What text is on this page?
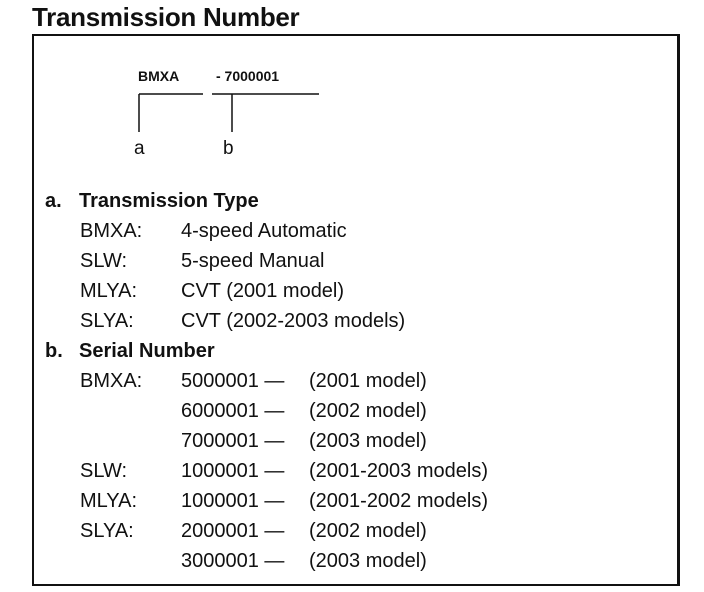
Transmission Number
BMXA	- 7000001
a	b
a. Transmission Type
BMXA: 4-speed Automatic
SLW:	5-speed Manual
MLYA: CVT (2001 model)
SLYA: CVT (2002-2003 models)
b. Serial Number
BMXA: 5000001 — (2001 model)
6000001 — (2002 model)
7000001 — (2003 model)
SLW:	1000001 — (2001-2003 models)
MLYA: 1000001 — (2001-2002 models)
SLYA: 2000001 — (2002 model)
3000001 — (2003 model)
